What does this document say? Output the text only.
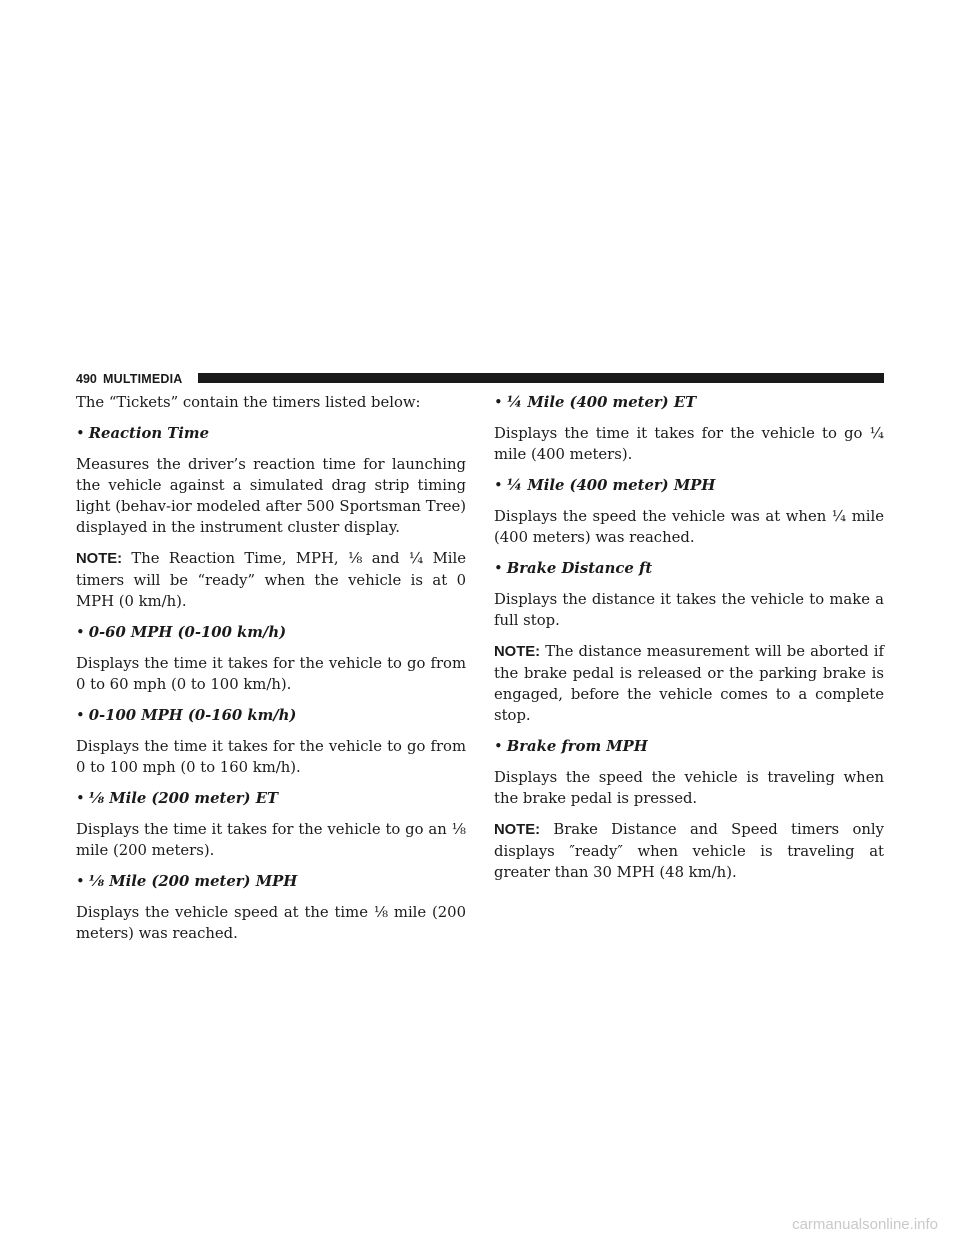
490 MULTIMEDIA

The “Tickets” contain the timers listed below:

• Reaction Time

Measures the driver’s reaction time for launching the vehicle against a simulated drag strip timing light (behav-ior modeled after 500 Sportsman Tree) displayed in the instrument cluster display.

NOTE: The Reaction Time, MPH, ⅛ and ¼ Mile timers will be “ready” when the vehicle is at 0 MPH (0 km/h).

• 0-60 MPH (0-100 km/h)

Displays the time it takes for the vehicle to go from 0 to 60 mph (0 to 100 km/h).

• 0-100 MPH (0-160 km/h)

Displays the time it takes for the vehicle to go from 0 to 100 mph (0 to 160 km/h).

• ⅛ Mile (200 meter) ET

Displays the time it takes for the vehicle to go an ⅛ mile (200 meters).

• ⅛ Mile (200 meter) MPH

Displays the vehicle speed at the time ⅛ mile (200 meters) was reached.

• ¼ Mile (400 meter) ET

Displays the time it takes for the vehicle to go ¼ mile (400 meters).

• ¼ Mile (400 meter) MPH

Displays the speed the vehicle was at when ¼ mile (400 meters) was reached.

• Brake Distance ft

Displays the distance it takes the vehicle to make a full stop.

NOTE: The distance measurement will be aborted if the brake pedal is released or the parking brake is engaged, before the vehicle comes to a complete stop.

• Brake from MPH

Displays the speed the vehicle is traveling when the brake pedal is pressed.

NOTE: Brake Distance and Speed timers only displays ″ready″ when vehicle is traveling at greater than 30 MPH (48 km/h).

carmanualsonline.info
